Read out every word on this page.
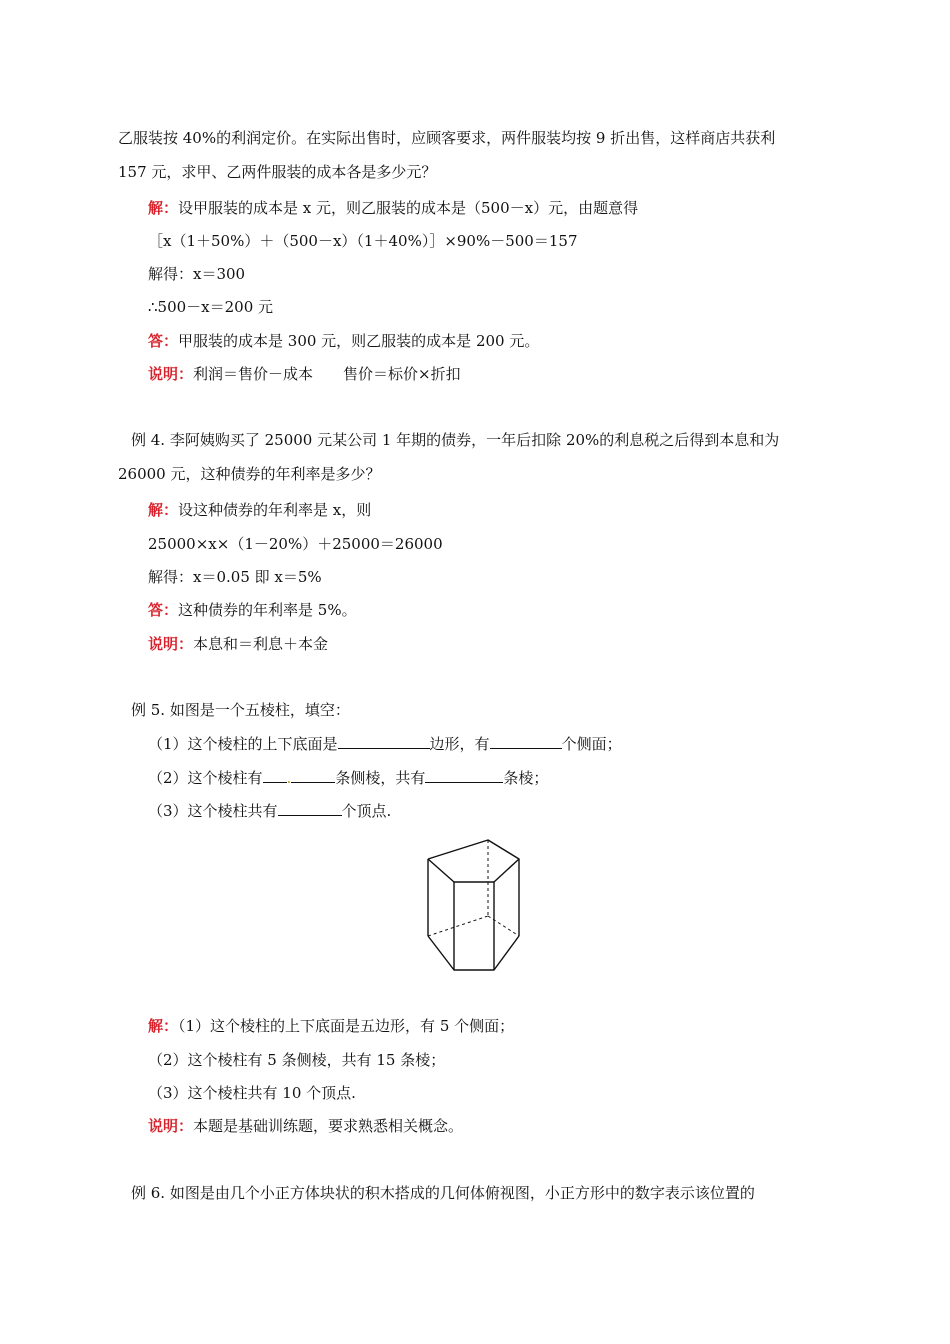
乙服装按 40%的利润定价。在实际出售时，应顾客要求，两件服装均按 9 折出售，这样商店共获利
157 元，求甲、乙两件服装的成本各是多少元？
解：设甲服装的成本是 x 元，则乙服装的成本是（500－x）元，由题意得
［x（1＋50%）＋（500－x）（1＋40%）］×90%－500＝157
解得：x＝300
∴500－x＝200 元
答：甲服装的成本是 300 元，则乙服装的成本是 200 元。
说明：利润＝售价－成本　　售价＝标价×折扣
例 4. 李阿姨购买了 25000 元某公司 1 年期的债券，一年后扣除 20%的利息税之后得到本息和为
26000 元，这种债券的年利率是多少？
解：设这种债券的年利率是 x，则
25000×x×（1－20%）＋25000＝26000
解得：x＝0.05 即 x＝5%
答：这种债券的年利率是 5%。
说明：本息和＝利息＋本金
例 5. 如图是一个五棱柱，填空：
（1）这个棱柱的上下底面是	边形，有	个侧面；
（2）这个棱柱有 .	条侧棱，共有	条棱；
（3）这个棱柱共有	个顶点.
解：（1）这个棱柱的上下底面是五边形，有 5 个侧面；
（2）这个棱柱有 5 条侧棱，共有 15 条棱；
（3）这个棱柱共有 10 个顶点.
说明：本题是基础训练题，要求熟悉相关概念。
例 6. 如图是由几个小正方体块状的积木搭成的几何体俯视图，小正方形中的数字表示该位置的
